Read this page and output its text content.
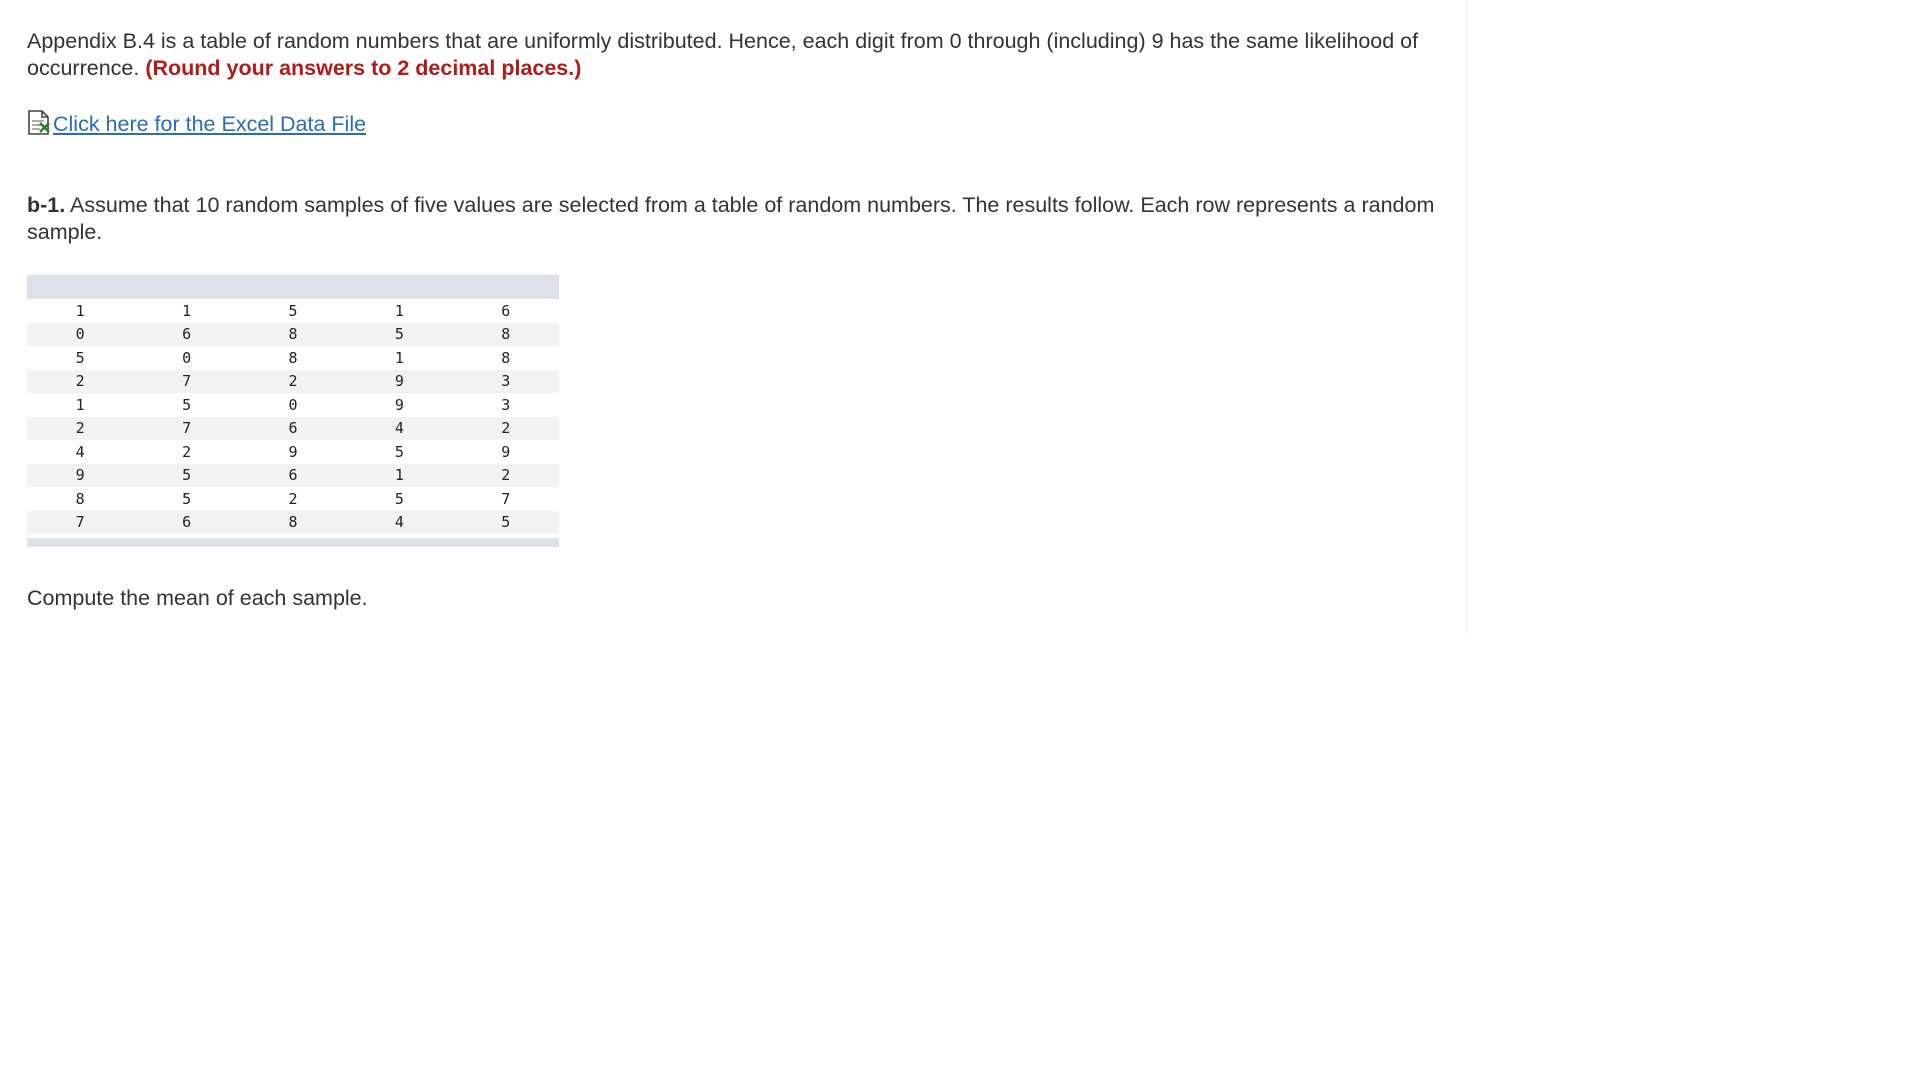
Appendix B.4 is a table of random numbers that are uniformly distributed. Hence, each digit from 0 through (including) 9 has the same likelihood of occurrence. (Round your answers to 2 decimal places.)
Click here for the Excel Data File
b-1. Assume that 10 random samples of five values are selected from a table of random numbers. The results follow. Each row represents a random sample.
1	1	5	1	6
0	6	8	5	8
5	0	8	1	8
2	7	2	9	3
1	5	0	9	3
2	7	6	4	2
4	2	9	5	9
9	5	6	1	2
8	5	2	5	7
7	6	8	4	5
Compute the mean of each sample.
